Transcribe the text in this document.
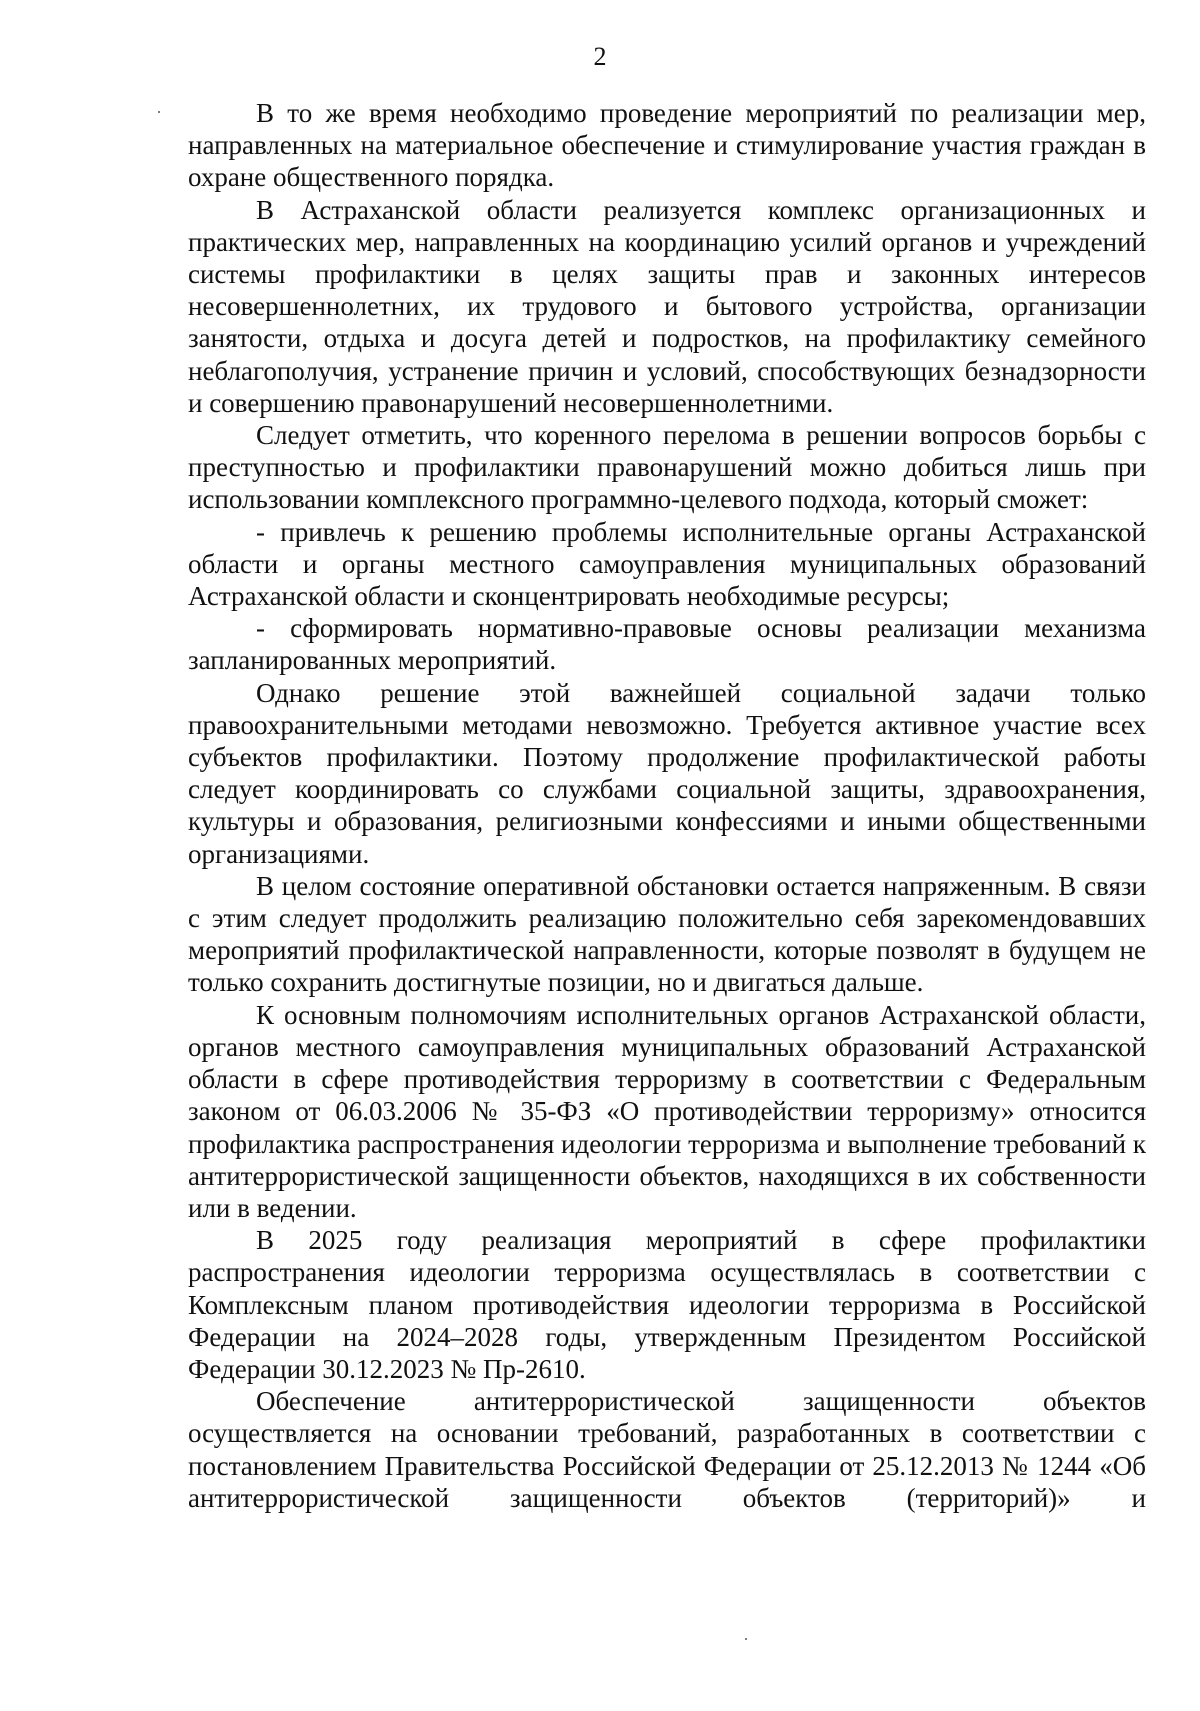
2

В то же время необходимо проведение мероприятий по реализации мер, направленных на материальное обеспечение и стимулирование участия граждан в охране общественного порядка.

В Астраханской области реализуется комплекс организационных и практических мер, направленных на координацию усилий органов и учреждений системы профилактики в целях защиты прав и законных интересов несовершеннолетних, их трудового и бытового устройства, организации занятости, отдыха и досуга детей и подростков, на профилактику семейного неблагополучия, устранение причин и условий, способствующих безнадзорности и совершению правонарушений несовершеннолетними.

Следует отметить, что коренного перелома в решении вопросов борьбы с преступностью и профилактики правонарушений можно добиться лишь при использовании комплексного программно-целевого подхода, который сможет:

- привлечь к решению проблемы исполнительные органы Астраханской области и органы местного самоуправления муниципальных образований Астраханской области и сконцентрировать необходимые ресурсы;

- сформировать нормативно-правовые основы реализации механизма запланированных мероприятий.

Однако решение этой важнейшей социальной задачи только правоохранительными методами невозможно. Требуется активное участие всех субъектов профилактики. Поэтому продолжение профилактической работы следует координировать со службами социальной защиты, здравоохранения, культуры и образования, религиозными конфессиями и иными общественными организациями.

В целом состояние оперативной обстановки остается напряженным. В связи с этим следует продолжить реализацию положительно себя зарекомендовавших мероприятий профилактической направленности, которые позволят в будущем не только сохранить достигнутые позиции, но и двигаться дальше.

К основным полномочиям исполнительных органов Астраханской области, органов местного самоуправления муниципальных образований Астраханской области в сфере противодействия терроризму в соответствии с Федеральным законом от 06.03.2006 № 35-ФЗ «О противодействии терроризму» относится профилактика распространения идеологии терроризма и выполнение требований к антитеррористической защищенности объектов, находящихся в их собственности или в ведении.

В 2025 году реализация мероприятий в сфере профилактики распространения идеологии терроризма осуществлялась в соответствии с Комплексным планом противодействия идеологии терроризма в Российской Федерации на 2024–2028 годы, утвержденным Президентом Российской Федерации 30.12.2023 № Пр-2610.

Обеспечение антитеррористической защищенности объектов осуществляется на основании требований, разработанных в соответствии с постановлением Правительства Российской Федерации от 25.12.2013 № 1244 «Об антитеррористической защищенности объектов (территорий)» и
